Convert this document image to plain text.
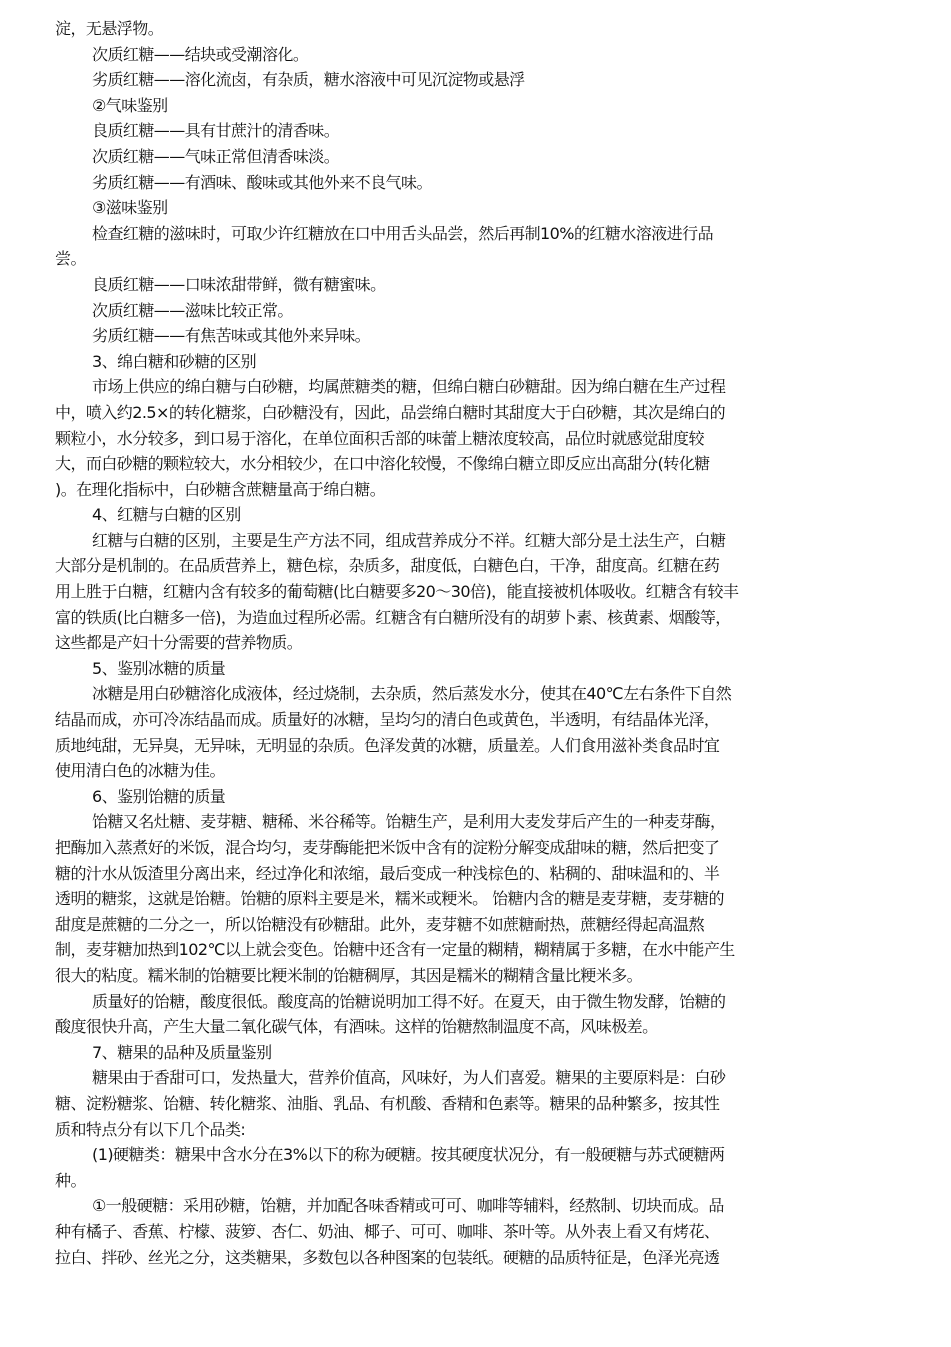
淀，无悬浮物。

次质红糖——结块或受潮溶化。

劣质红糖——溶化流卤，有杂质，糖水溶液中可见沉淀物或悬浮

②气味鉴别

良质红糖——具有甘蔗汁的清香味。

次质红糖——气味正常但清香味淡。

劣质红糖——有酒味、酸味或其他外来不良气味。

③滋味鉴别

检查红糖的滋味时，可取少许红糖放在口中用舌头品尝，然后再制10%的红糖水溶液进行品

尝。

良质红糖——口味浓甜带鲜，微有糖蜜味。

次质红糖——滋味比较正常。

劣质红糖——有焦苦味或其他外来异味。

3、绵白糖和砂糖的区别

市场上供应的绵白糖与白砂糖，均属蔗糖类的糖，但绵白糖白砂糖甜。因为绵白糖在生产过程

中，喷入约2.5×的转化糖浆，白砂糖没有，因此，品尝绵白糖时其甜度大于白砂糖，其次是绵白的

颗粒小，水分较多，到口易于溶化，在单位面积舌部的味蕾上糖浓度较高，品位时就感觉甜度较

大，而白砂糖的颗粒较大，水分相较少，在口中溶化较慢，不像绵白糖立即反应出高甜分(转化糖

)。在理化指标中，白砂糖含蔗糖量高于绵白糖。

4、红糖与白糖的区别

红糖与白糖的区别，主要是生产方法不同，组成营养成分不祥。红糖大部分是土法生产，白糖

大部分是机制的。在品质营养上，糖色棕，杂质多，甜度低，白糖色白，干净，甜度高。红糖在药

用上胜于白糖，红糖内含有较多的葡萄糖(比白糖要多20～30倍)，能直接被机体吸收。红糖含有较丰

富的铁质(比白糖多一倍)，为造血过程所必需。红糖含有白糖所没有的胡萝卜素、核黄素、烟酸等，

这些都是产妇十分需要的营养物质。

5、鉴别冰糖的质量

冰糖是用白砂糖溶化成液体，经过烧制，去杂质，然后蒸发水分，使其在40℃左右条件下自然

结晶而成，亦可冷冻结晶而成。质量好的冰糖，呈均匀的清白色或黄色，半透明，有结晶体光泽，

质地纯甜，无异臭，无异味，无明显的杂质。色泽发黄的冰糖，质量差。人们食用滋补类食品时宜

使用清白色的冰糖为佳。

6、鉴别饴糖的质量

饴糖又名灶糖、麦芽糖、糖稀、米谷稀等。饴糖生产，是利用大麦发芽后产生的一种麦芽酶，

把酶加入蒸煮好的米饭，混合均匀，麦芽酶能把米饭中含有的淀粉分解变成甜味的糖，然后把变了

糖的汁水从饭渣里分离出来，经过净化和浓缩，最后变成一种浅棕色的、粘稠的、甜味温和的、半

透明的糖浆，这就是饴糖。饴糖的原料主要是米，糯米或粳米。 饴糖内含的糖是麦芽糖，麦芽糖的

甜度是蔗糖的二分之一，所以饴糖没有砂糖甜。此外，麦芽糖不如蔗糖耐热，蔗糖经得起高温熬

制，麦芽糖加热到102℃以上就会变色。饴糖中还含有一定量的糊精，糊精属于多糖，在水中能产生

很大的粘度。糯米制的饴糖要比粳米制的饴糖稠厚，其因是糯米的糊精含量比粳米多。

质量好的饴糖，酸度很低。酸度高的饴糖说明加工得不好。在夏天，由于微生物发酵，饴糖的

酸度很快升高，产生大量二氧化碳气体，有酒味。这样的饴糖熬制温度不高，风味极差。

7、糖果的品种及质量鉴别

糖果由于香甜可口，发热量大，营养价值高，风味好，为人们喜爱。糖果的主要原料是：白砂

糖、淀粉糖浆、饴糖、转化糖浆、油脂、乳品、有机酸、香精和色素等。糖果的品种繁多，按其性

质和特点分有以下几个品类:

(1)硬糖类：糖果中含水分在3%以下的称为硬糖。按其硬度状况分，有一般硬糖与苏式硬糖两

种。

①一般硬糖：采用砂糖，饴糖，并加配各味香精或可可、咖啡等辅料，经熬制、切块而成。品

种有橘子、香蕉、柠檬、菠箩、杏仁、奶油、椰子、可可、咖啡、茶叶等。从外表上看又有烤花、

拉白、拌砂、丝光之分，这类糖果，多数包以各种图案的包装纸。硬糖的品质特征是，色泽光亮透
